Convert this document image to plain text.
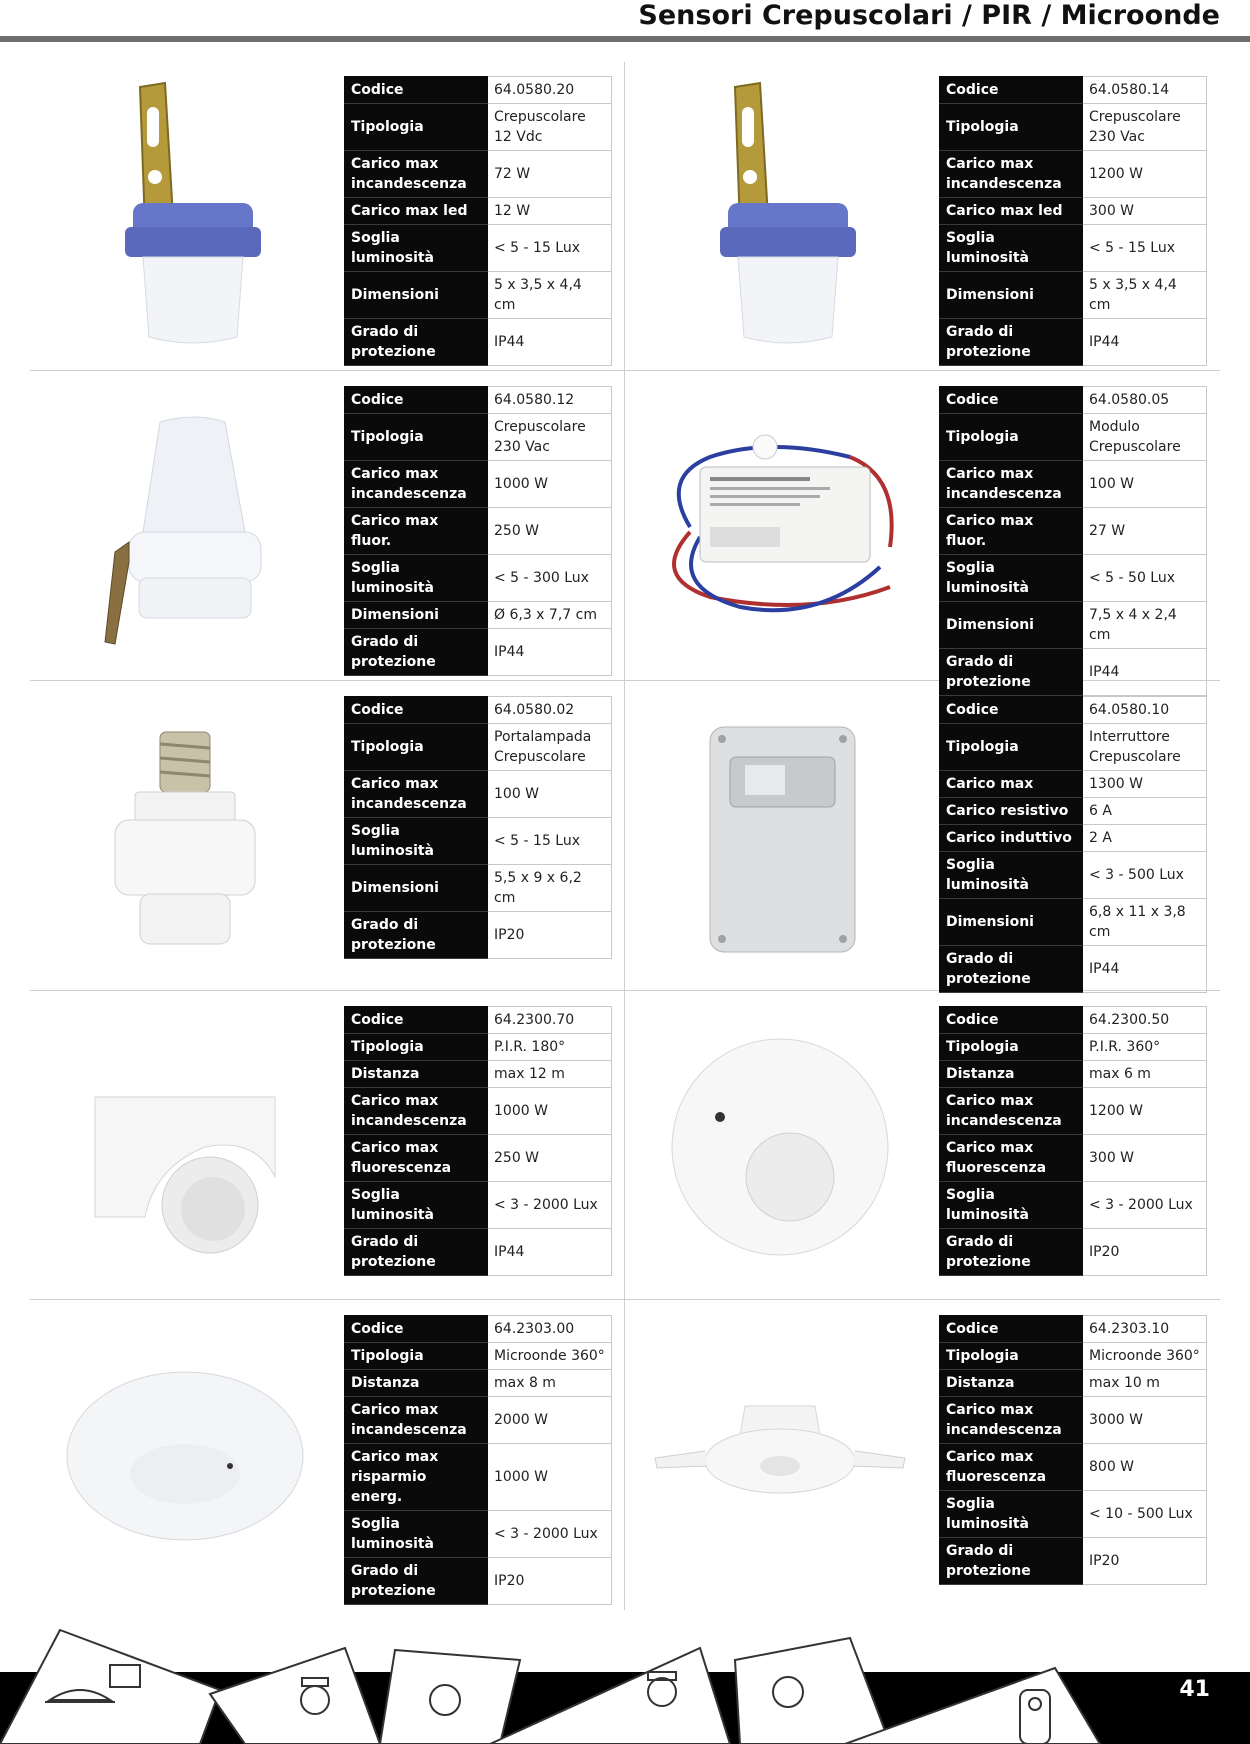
Sensori Crepuscolari / PIR / Microonde
Codice	64.0580.20
Tipologia	Crepuscolare 12 Vdc
Carico max incandescenza	72 W
Carico max led	12 W
Soglia luminosità	< 5 - 15 Lux
Dimensioni	5 x 3,5 x 4,4 cm
Grado di protezione	IP44
Codice	64.0580.14
Tipologia	Crepuscolare 230 Vac
Carico max incandescenza	1200 W
Carico max led	300 W
Soglia luminosità	< 5 - 15 Lux
Dimensioni	5 x 3,5 x 4,4 cm
Grado di protezione	IP44
Codice	64.0580.12
Tipologia	Crepuscolare 230 Vac
Carico max incandescenza	1000 W
Carico max fluor.	250 W
Soglia luminosità	< 5 - 300 Lux
Dimensioni	Ø 6,3 x 7,7 cm
Grado di protezione	IP44
Codice	64.0580.05
Tipologia	Modulo Crepuscolare
Carico max incandescenza	100 W
Carico max fluor.	27 W
Soglia luminosità	< 5 - 50 Lux
Dimensioni	7,5 x 4 x 2,4 cm
Grado di protezione	IP44
Codice	64.0580.02
Tipologia	Portalampada Crepuscolare
Carico max incandescenza	100 W
Soglia luminosità	< 5 - 15 Lux
Dimensioni	5,5 x 9 x 6,2 cm
Grado di protezione	IP20
Codice	64.0580.10
Tipologia	Interruttore Crepuscolare
Carico max	1300 W
Carico resistivo	6 A
Carico induttivo	2 A
Soglia luminosità	< 3 - 500 Lux
Dimensioni	6,8 x 11 x 3,8 cm
Grado di protezione	IP44
Codice	64.2300.70
Tipologia	P.I.R. 180°
Distanza	max 12 m
Carico max incandescenza	1000 W
Carico max fluorescenza	250 W
Soglia luminosità	< 3 - 2000 Lux
Grado di protezione	IP44
Codice	64.2300.50
Tipologia	P.I.R. 360°
Distanza	max 6 m
Carico max incandescenza	1200 W
Carico max fluorescenza	300 W
Soglia luminosità	< 3 - 2000 Lux
Grado di protezione	IP20
Codice	64.2303.00
Tipologia	Microonde 360°
Distanza	max 8 m
Carico max incandescenza	2000 W
Carico max risparmio energ.	1000 W
Soglia luminosità	< 3 - 2000 Lux
Grado di protezione	IP20
Codice	64.2303.10
Tipologia	Microonde 360°
Distanza	max 10 m
Carico max incandescenza	3000 W
Carico max fluorescenza	800 W
Soglia luminosità	< 10 - 500 Lux
Grado di protezione	IP20
41
